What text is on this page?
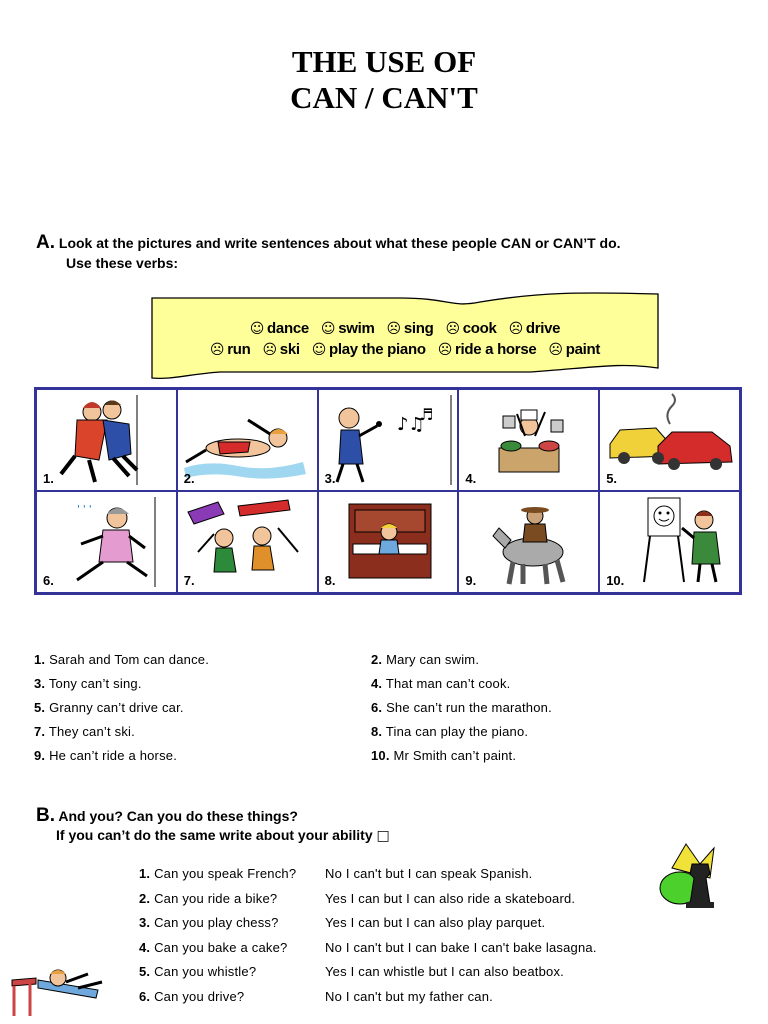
THE USE OF
CAN / CAN'T
A. Look at the pictures and write sentences about what these people CAN or CAN’T do.
Use these verbs:
☺ dance ☺ swim ☹ sing ☹ cook ☹ drive
☹ run ☹ ski ☺ play the piano ☹ ride a horse ☹ paint
1.	2.
♪♫
♬
3.	4.	5.
' ' '
6.	7.	8.	9.	10.
1. Sarah and Tom can dance.	2. Mary can swim.
3. Tony can’t sing.	4. That man can’t cook.
5. Granny can’t drive car.	6. She can’t run the marathon.
7. They can’t ski.	8. Tina can play the piano.
9. He can’t ride a horse.	10. Mr Smith can’t paint.
B. And you? Can you do these things?
If you can’t do the same write about your ability □
1. Can you speak French? No I can't but I can speak Spanish.
2. Can you ride a bike?	Yes I can but I can also ride a skateboard.
3. Can you play chess?	Yes I can but I can also play parquet.
4. Can you bake a cake?	No I can't but I can bake I can't bake lasagna.
5. Can you whistle?	Yes I can whistle but I can also beatbox.
6. Can you drive?	No I can't but my father can.
